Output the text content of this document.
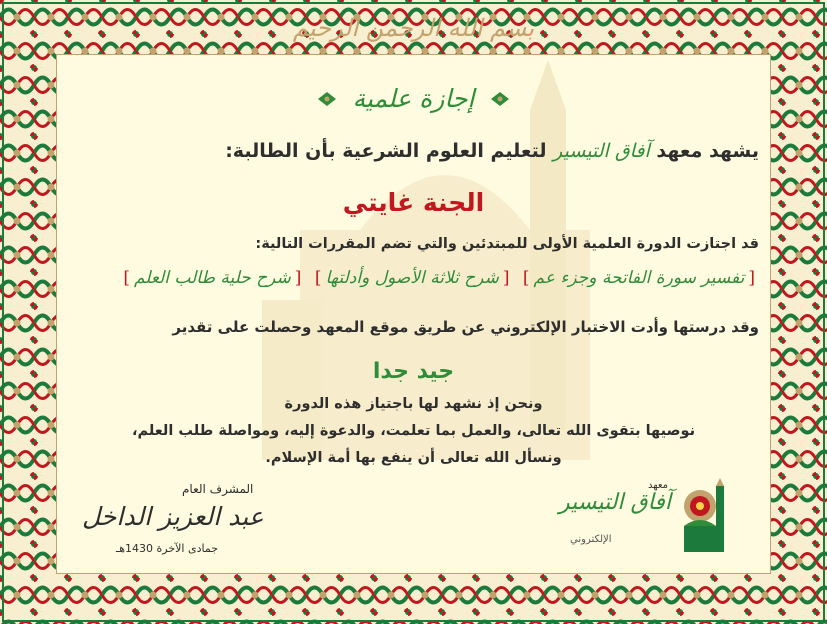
بسم الله الرحمن الرحيم
إجازة علمية
يشهد معهد آفاق التيسير لتعليم العلوم الشرعية بأن الطالبة:
الجنة غايتي
قد اجتازت الدورة العلمية الأولى للمبتدئين والتي تضم المقررات التالية:
[تفسير سورة الفاتحة وجزء عم] [شرح ثلاثة الأصول وأدلتها] [شرح حلية طالب العلم]
وقد درستها وأدت الاختبار الإلكتروني عن طريق موقع المعهد وحصلت على تقدير
جيد جدا
ونحن إذ نشهد لها باجتياز هذه الدورة
نوصيها بتقوى الله تعالى، والعمل بما تعلمت، والدعوة إليه، ومواصلة طلب العلم،
ونسأل الله تعالى أن ينفع بها أمة الإسلام.
المشرف العام
عبد العزيز الداخل
جمادى الآخرة 1430هـ
معهد
آفاق التيسير
الإلكتروني
